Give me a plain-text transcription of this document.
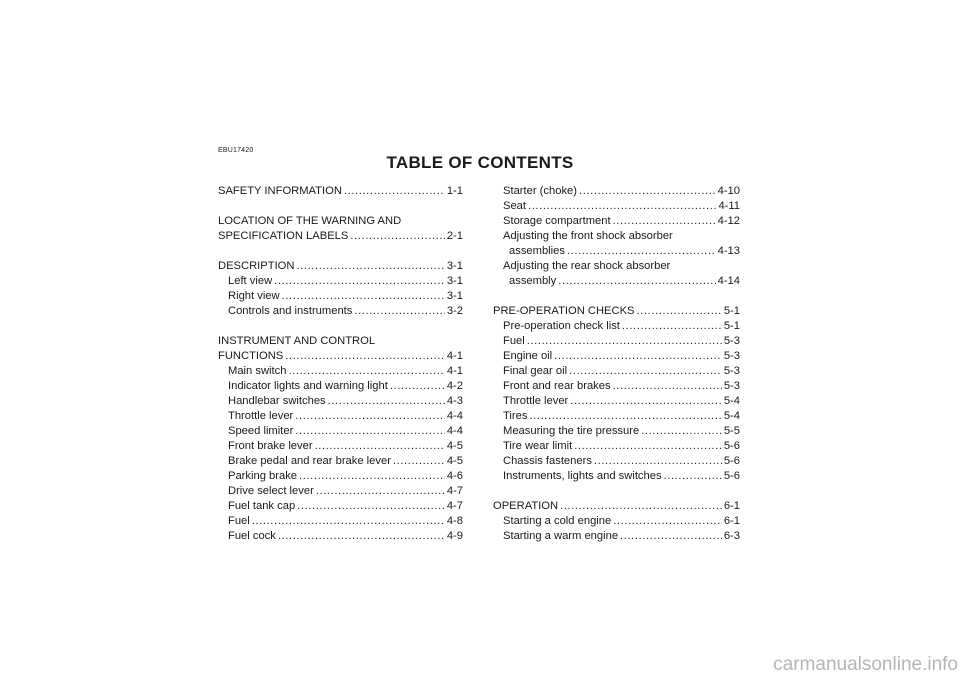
EBU17420
TABLE OF CONTENTS
SAFETY INFORMATION .....	1-1
LOCATION OF THE WARNING AND
SPECIFICATION LABELS .....	2-1
DESCRIPTION .....	3-1
Left view .....	3-1
Right view .....	3-1
Controls and instruments .....	3-2
INSTRUMENT AND CONTROL
FUNCTIONS .....	4-1
Main switch .....	4-1
Indicator lights and warning light .....	4-2
Handlebar switches .....	4-3
Throttle lever .....	4-4
Speed limiter .....	4-4
Front brake lever .....	4-5
Brake pedal and rear brake lever .....	4-5
Parking brake .....	4-6
Drive select lever .....	4-7
Fuel tank cap .....	4-7
Fuel .....	4-8
Fuel cock .....	4-9
Starter (choke) .....	4-10
Seat .....	4-11
Storage compartment .....	4-12
Adjusting the front shock absorber
assemblies .....	4-13
Adjusting the rear shock absorber
assembly .....	4-14
PRE-OPERATION CHECKS .....	5-1
Pre-operation check list .....	5-1
Fuel .....	5-3
Engine oil .....	5-3
Final gear oil .....	5-3
Front and rear brakes .....	5-3
Throttle lever .....	5-4
Tires .....	5-4
Measuring the tire pressure .....	5-5
Tire wear limit .....	5-6
Chassis fasteners .....	5-6
Instruments, lights and switches .....	5-6
OPERATION .....	6-1
Starting a cold engine .....	6-1
Starting a warm engine .....	6-3
carmanualsonline.info
